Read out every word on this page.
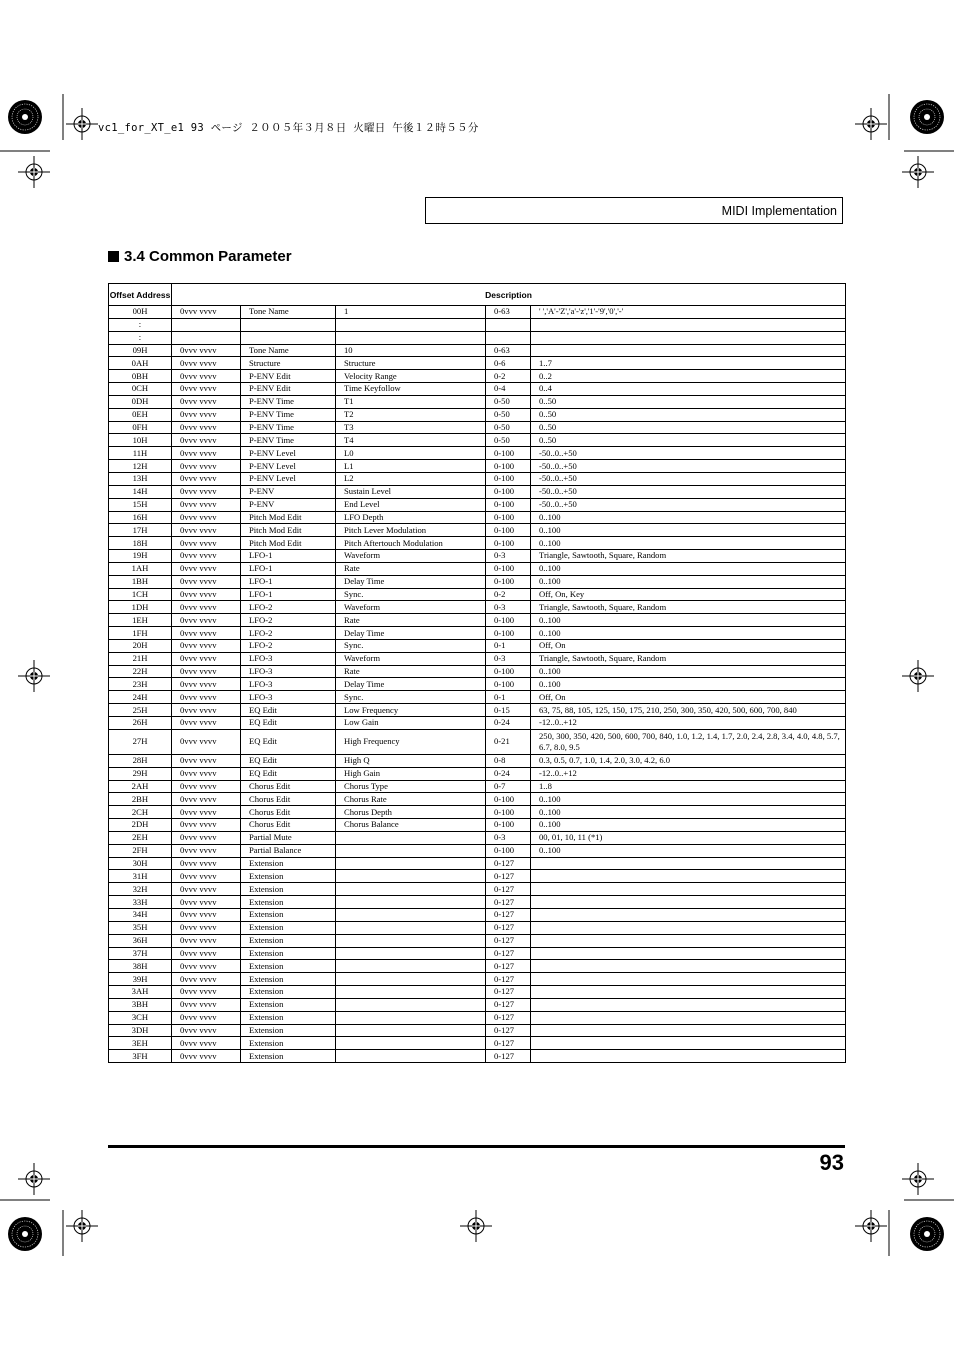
vc1_for_XT_e1 93 ページ ２００５年３月８日 火曜日 午後１２時５５分
MIDI Implementation
3.4 Common Parameter
Offset Address	Description				
00H	0vvv vvvv	Tone Name	1	0-63	' ','A'-'Z','a'-'z','1'-'9','0','-'
:					
:					
09H	0vvv vvvv	Tone Name	10	0-63	
0AH	0vvv vvvv	Structure	Structure	0-6	1..7
0BH	0vvv vvvv	P-ENV Edit	Velocity Range	0-2	0..2
0CH	0vvv vvvv	P-ENV Edit	Time Keyfollow	0-4	0..4
0DH	0vvv vvvv	P-ENV Time	T1	0-50	0..50
0EH	0vvv vvvv	P-ENV Time	T2	0-50	0..50
0FH	0vvv vvvv	P-ENV Time	T3	0-50	0..50
10H	0vvv vvvv	P-ENV Time	T4	0-50	0..50
11H	0vvv vvvv	P-ENV Level	L0	0-100	-50..0..+50
12H	0vvv vvvv	P-ENV Level	L1	0-100	-50..0..+50
13H	0vvv vvvv	P-ENV Level	L2	0-100	-50..0..+50
14H	0vvv vvvv	P-ENV	Sustain Level	0-100	-50..0..+50
15H	0vvv vvvv	P-ENV	End Level	0-100	-50..0..+50
16H	0vvv vvvv	Pitch Mod Edit	LFO Depth	0-100	0..100
17H	0vvv vvvv	Pitch Mod Edit	Pitch Lever Modulation	0-100	0..100
18H	0vvv vvvv	Pitch Mod Edit	Pitch Aftertouch Modulation	0-100	0..100
19H	0vvv vvvv	LFO-1	Waveform	0-3	Triangle, Sawtooth, Square, Random
1AH	0vvv vvvv	LFO-1	Rate	0-100	0..100
1BH	0vvv vvvv	LFO-1	Delay Time	0-100	0..100
1CH	0vvv vvvv	LFO-1	Sync.	0-2	Off, On, Key
1DH	0vvv vvvv	LFO-2	Waveform	0-3	Triangle, Sawtooth, Square, Random
1EH	0vvv vvvv	LFO-2	Rate	0-100	0..100
1FH	0vvv vvvv	LFO-2	Delay Time	0-100	0..100
20H	0vvv vvvv	LFO-2	Sync.	0-1	Off, On
21H	0vvv vvvv	LFO-3	Waveform	0-3	Triangle, Sawtooth, Square, Random
22H	0vvv vvvv	LFO-3	Rate	0-100	0..100
23H	0vvv vvvv	LFO-3	Delay Time	0-100	0..100
24H	0vvv vvvv	LFO-3	Sync.	0-1	Off, On
25H	0vvv vvvv	EQ Edit	Low Frequency	0-15	63, 75, 88, 105, 125, 150, 175, 210, 250, 300, 350, 420, 500, 600, 700, 840
26H	0vvv vvvv	EQ Edit	Low Gain	0-24	-12..0..+12
27H	0vvv vvvv	EQ Edit	High Frequency	0-21	250, 300, 350, 420, 500, 600, 700, 840, 1.0, 1.2, 1.4, 1.7, 2.0, 2.4, 2.8, 3.4, 4.0, 4.8, 5.7, 6.7, 8.0, 9.5
28H	0vvv vvvv	EQ Edit	High Q	0-8	0.3, 0.5, 0.7, 1.0, 1.4, 2.0, 3.0, 4.2, 6.0
29H	0vvv vvvv	EQ Edit	High Gain	0-24	-12..0..+12
2AH	0vvv vvvv	Chorus Edit	Chorus Type	0-7	1..8
2BH	0vvv vvvv	Chorus Edit	Chorus Rate	0-100	0..100
2CH	0vvv vvvv	Chorus Edit	Chorus Depth	0-100	0..100
2DH	0vvv vvvv	Chorus Edit	Chorus Balance	0-100	0..100
2EH	0vvv vvvv	Partial Mute		0-3	00, 01, 10, 11 (*1)
2FH	0vvv vvvv	Partial Balance		0-100	0..100
30H	0vvv vvvv	Extension		0-127	
31H	0vvv vvvv	Extension		0-127	
32H	0vvv vvvv	Extension		0-127	
33H	0vvv vvvv	Extension		0-127	
34H	0vvv vvvv	Extension		0-127	
35H	0vvv vvvv	Extension		0-127	
36H	0vvv vvvv	Extension		0-127	
37H	0vvv vvvv	Extension		0-127	
38H	0vvv vvvv	Extension		0-127	
39H	0vvv vvvv	Extension		0-127	
3AH	0vvv vvvv	Extension		0-127	
3BH	0vvv vvvv	Extension		0-127	
3CH	0vvv vvvv	Extension		0-127	
3DH	0vvv vvvv	Extension		0-127	
3EH	0vvv vvvv	Extension		0-127	
3FH	0vvv vvvv	Extension		0-127	
93
